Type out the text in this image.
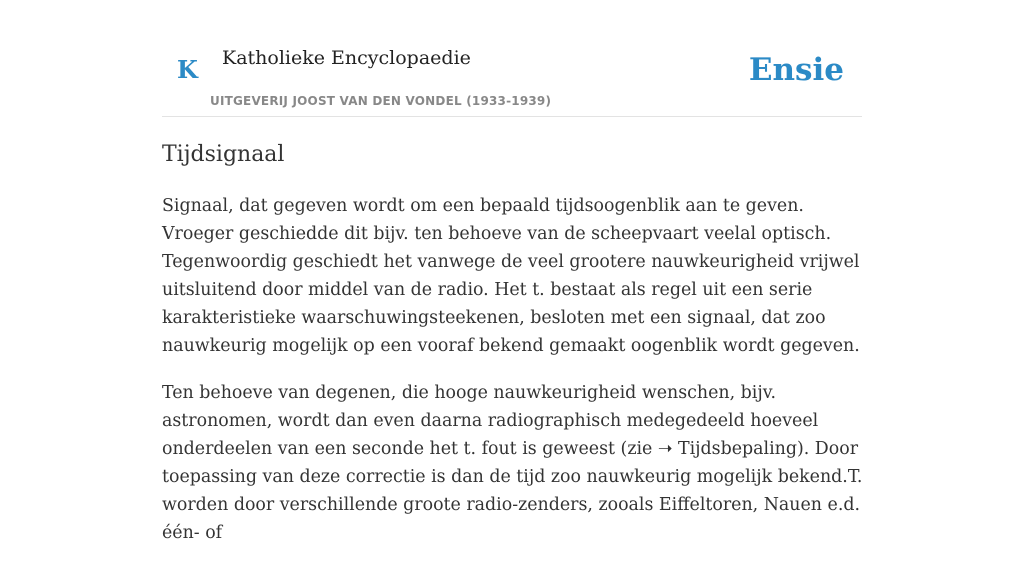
K Katholieke Encyclopaedie
UITGEVERIJ JOOST VAN DEN VONDEL (1933-1939)
Ensie
Tijdsignaal

Signaal, dat gegeven wordt om een bepaald tijdsoogenblik aan te geven. Vroeger geschiedde dit bijv. ten behoeve van de scheepvaart veelal optisch. Tegenwoordig geschiedt het vanwege de veel grootere nauwkeurigheid vrijwel uitsluitend door middel van de radio. Het t. bestaat als regel uit een serie karakteristieke waarschuwingsteekenen, besloten met een signaal, dat zoo nauwkeurig mogelijk op een vooraf bekend gemaakt oogenblik wordt gegeven.

Ten behoeve van degenen, die hooge nauwkeurigheid wenschen, bijv. astronomen, wordt dan even daarna radiographisch medegedeeld hoeveel onderdeelen van een seconde het t. fout is geweest (zie ➝ Tijdsbepaling). Door toepassing van deze correctie is dan de tijd zoo nauwkeurig mogelijk bekend.T. worden door verschillende groote radio-zenders, zooals Eiffeltoren, Nauen e.d. één- of
